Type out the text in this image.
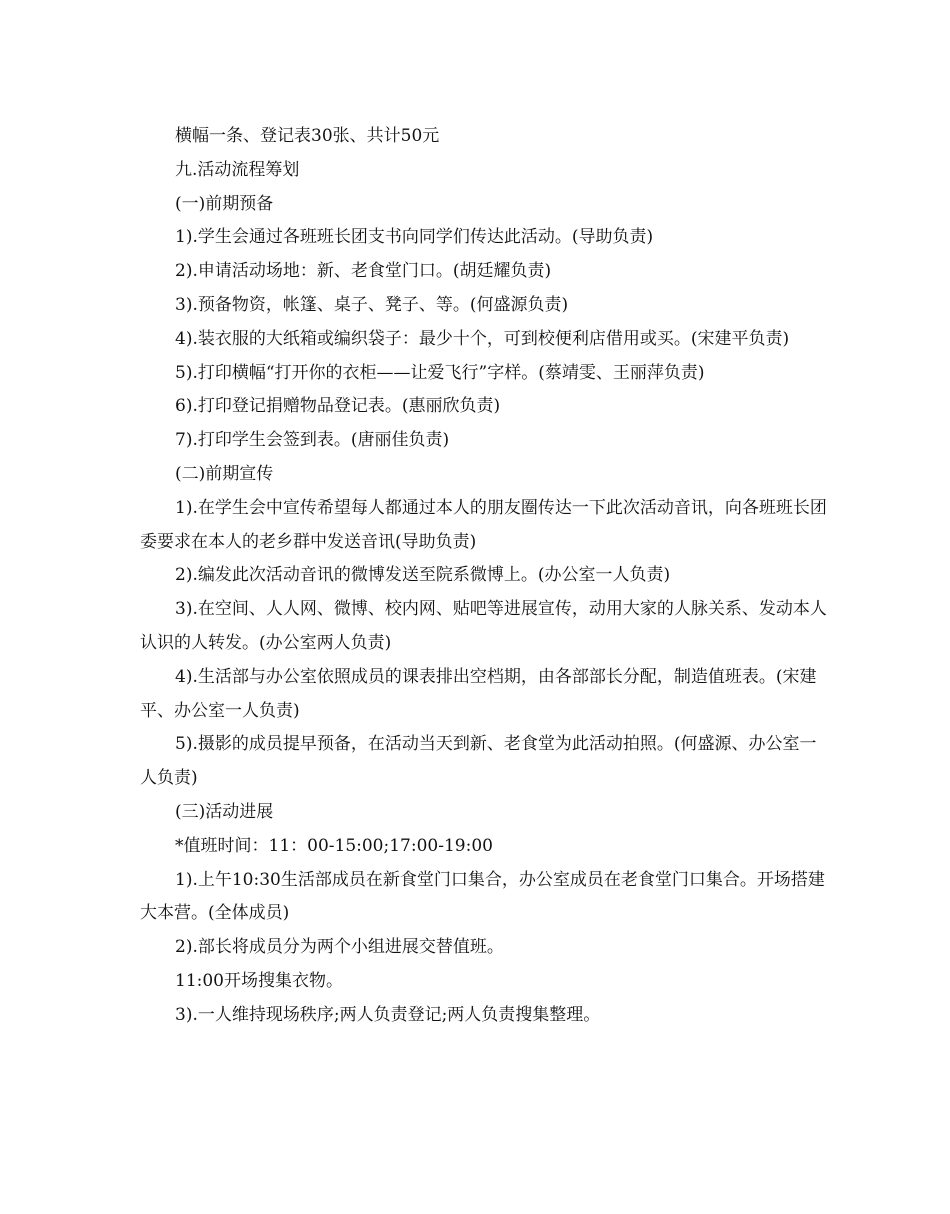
横幅一条、登记表30张、共计50元

九.活动流程筹划

(一)前期预备

1).学生会通过各班班长团支书向同学们传达此活动。(导助负责)

2).申请活动场地：新、老食堂门口。(胡廷耀负责)

3).预备物资，帐篷、桌子、凳子、等。(何盛源负责)

4).装衣服的大纸箱或编织袋子：最少十个，可到校便利店借用或买。(宋建平负责)

5).打印横幅“打开你的衣柜——让爱飞行”字样。(蔡靖雯、王丽萍负责)

6).打印登记捐赠物品登记表。(惠丽欣负责)

7).打印学生会签到表。(唐丽佳负责)

(二)前期宣传

1).在学生会中宣传希望每人都通过本人的朋友圈传达一下此次活动音讯，向各班班长团委要求在本人的老乡群中发送音讯(导助负责)

2).编发此次活动音讯的微博发送至院系微博上。(办公室一人负责)

3).在空间、人人网、微博、校内网、贴吧等进展宣传，动用大家的人脉关系、发动本人认识的人转发。(办公室两人负责)

4).生活部与办公室依照成员的课表排出空档期，由各部部长分配，制造值班表。(宋建平、办公室一人负责)

5).摄影的成员提早预备，在活动当天到新、老食堂为此活动拍照。(何盛源、办公室一人负责)

(三)活动进展

*值班时间：11：00-15:00;17:00-19:00

1).上午10:30生活部成员在新食堂门口集合，办公室成员在老食堂门口集合。开场搭建大本营。(全体成员)

2).部长将成员分为两个小组进展交替值班。

11:00开场搜集衣物。

3).一人维持现场秩序;两人负责登记;两人负责搜集整理。
